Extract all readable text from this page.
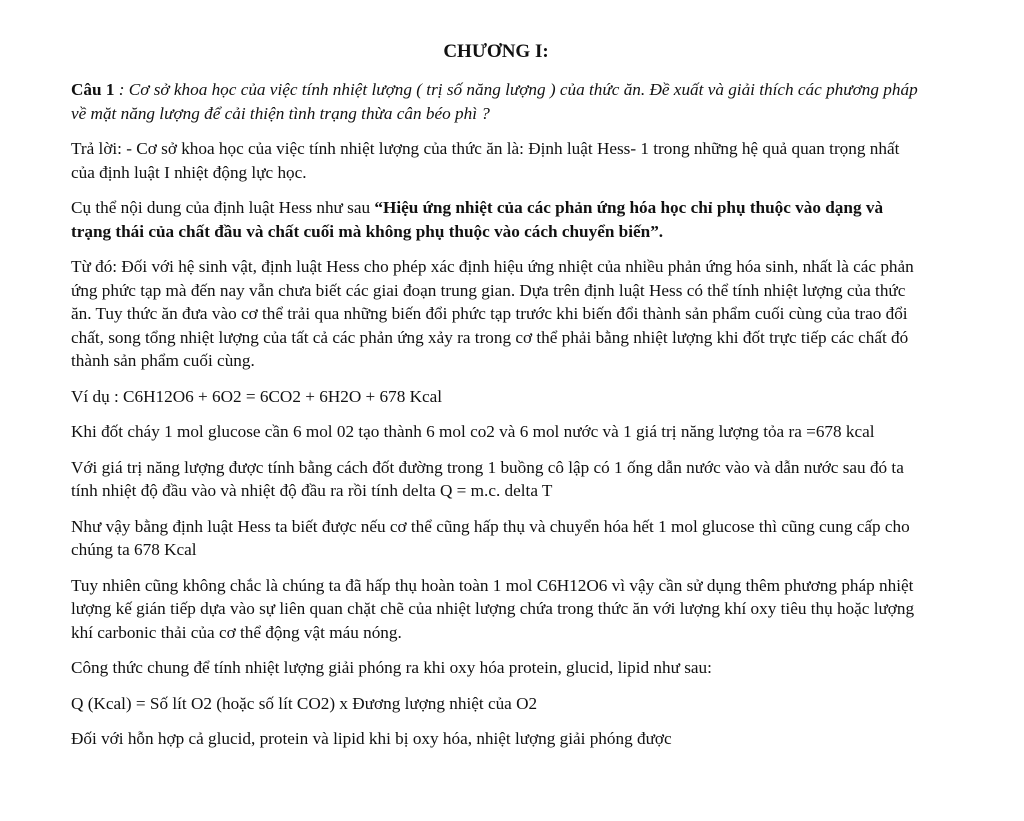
CHƯƠNG I:

Câu 1 : Cơ sở khoa học của việc tính nhiệt lượng ( trị số năng lượng ) của thức ăn. Đề xuất và giải thích các phương pháp về mặt năng lượng để cải thiện tình trạng thừa cân béo phì ?

Trả lời: - Cơ sở khoa học của việc tính nhiệt lượng của thức ăn là: Định luật Hess- 1 trong những hệ quả quan trọng nhất của định luật I nhiệt động lực học.

Cụ thể nội dung của định luật Hess như sau “Hiệu ứng nhiệt của các phản ứng hóa học chỉ phụ thuộc vào dạng và trạng thái của chất đầu và chất cuối mà không phụ thuộc vào cách chuyển biến”.

Từ đó: Đối với hệ sinh vật, định luật Hess cho phép xác định hiệu ứng nhiệt của nhiều phản ứng hóa sinh, nhất là các phản ứng phức tạp mà đến nay vẫn chưa biết các giai đoạn trung gian. Dựa trên định luật Hess có thể tính nhiệt lượng của thức ăn. Tuy thức ăn đưa vào cơ thể trải qua những biến đổi phức tạp trước khi biến đổi thành sản phẩm cuối cùng của trao đổi chất, song tổng nhiệt lượng của tất cả các phản ứng xảy ra trong cơ thể phải bằng nhiệt lượng khi đốt trực tiếp các chất đó thành sản phẩm cuối cùng.

Ví dụ : C6H12O6 + 6O2 = 6CO2 + 6H2O + 678 Kcal

Khi đốt cháy 1 mol glucose cần 6 mol 02 tạo thành 6 mol co2 và 6 mol nước và 1 giá trị năng lượng tỏa ra =678 kcal

Với giá trị năng lượng được tính bằng cách đốt đường trong 1 buồng cô lập có 1 ống dẫn nước vào và dẫn nước sau đó ta tính nhiệt độ đầu vào và nhiệt độ đầu ra rồi tính delta Q = m.c. delta T

Như vậy bằng định luật Hess ta biết được nếu cơ thể cũng hấp thụ và chuyển hóa hết 1 mol glucose thì cũng cung cấp cho chúng ta 678 Kcal

Tuy nhiên cũng không chắc là chúng ta đã hấp thụ hoàn toàn 1 mol C6H12O6 vì vậy cần sử dụng thêm phương pháp nhiệt lượng kế gián tiếp dựa vào sự liên quan chặt chẽ của nhiệt lượng chứa trong thức ăn với lượng khí oxy tiêu thụ hoặc lượng khí carbonic thải của cơ thể động vật máu nóng.

Công thức chung để tính nhiệt lượng giải phóng ra khi oxy hóa protein, glucid, lipid như sau:

Q (Kcal) = Số lít O2 (hoặc số lít CO2) x Đương lượng nhiệt của O2

Đối với hỗn hợp cả glucid, protein và lipid khi bị oxy hóa, nhiệt lượng giải phóng được
